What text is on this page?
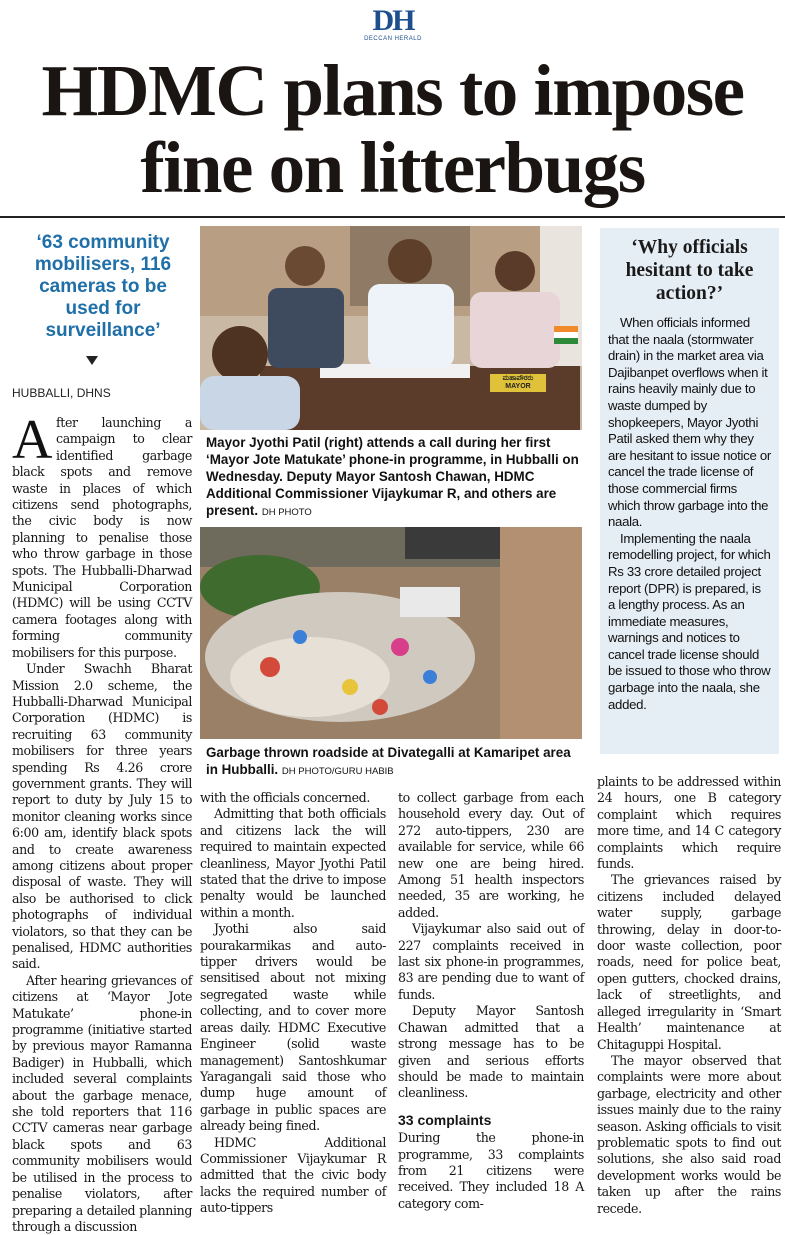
DH
DECCAN HERALD
HDMC plans to impose
fine on litterbugs
‘63 community mobilisers, 116 cameras to be used for surveillance’
HUBBALLI, DHNS

After launching a campaign to clear identified garbage black spots and remove waste in places of which citizens send photographs, the civic body is now planning to penalise those who throw garbage in those spots. The Hubballi-Dharwad Municipal Corporation (HDMC) will be using CCTV camera footages along with forming community mobilisers for this purpose.

Under Swachh Bharat Mission 2.0 scheme, the Hubballi-Dharwad Municipal Corporation (HDMC) is recruiting 63 community mobilisers for three years spending Rs 4.26 crore government grants. They will report to duty by July 15 to monitor cleaning works since 6:00 am, identify black spots and to create awareness among citizens about proper disposal of waste. They will also be authorised to click photographs of individual violators, so that they can be penalised, HDMC authorities said.

After hearing grievances of citizens at ‘Mayor Jote Matukate’ phone-in programme (initiative started by previous mayor Ramanna Badiger) in Hubballi, which included several complaints about the garbage menace, she told reporters that 116 CCTV cameras near garbage black spots and 63 community mobilisers would be utilised in the process to penalise violators, after preparing a detailed planning through a discussion

ಮಹಾಪೌರರು MAYOR
Mayor Jyothi Patil (right) attends a call during her first ‘Mayor Jote Matukate’ phone-in programme, in Hubballi on Wednesday. Deputy Mayor Santosh Chawan, HDMC Additional Commissioner Vijaykumar R, and others are present. DH PHOTO
Garbage thrown roadside at Divategalli at Kamaripet area in Hubballi. DH PHOTO/GURU HABIB

with the officials concerned.

Admitting that both officials and citizens lack the will required to maintain expected cleanliness, Mayor Jyothi Patil stated that the drive to impose penalty would be launched within a month.

Jyothi also said pourakarmikas and auto-tipper drivers would be sensitised about not mixing segregated waste while collecting, and to cover more areas daily. HDMC Executive Engineer (solid waste management) Santoshkumar Yaragangali said those who dump huge amount of garbage in public spaces are already being fined.

HDMC Additional Commissioner Vijaykumar R admitted that the civic body lacks the required number of auto-tippers

to collect garbage from each household every day. Out of 272 auto-tippers, 230 are available for service, while 66 new one are being hired. Among 51 health inspectors needed, 35 are working, he added.

Vijaykumar also said out of 227 complaints received in last six phone-in programmes, 83 are pending due to want of funds.

Deputy Mayor Santosh Chawan admitted that a strong message has to be given and serious efforts should be made to maintain cleanliness.

33 complaints

During the phone-in programme, 33 complaints from 21 citizens were received. They included 18 A category com-

‘Why officials hesitant to take action?’

When officials informed that the naala (stormwater drain) in the market area via Dajibanpet overflows when it rains heavily mainly due to waste dumped by shopkeepers, Mayor Jyothi Patil asked them why they are hesitant to issue notice or cancel the trade license of those commercial firms which throw garbage into the naala.

Implementing the naala remodelling project, for which Rs 33 crore detailed project report (DPR) is prepared, is a lengthy process. As an immediate measures, warnings and notices to cancel trade license should be issued to those who throw garbage into the naala, she added.

plaints to be addressed within 24 hours, one B category complaint which requires more time, and 14 C category complaints which require funds.

The grievances raised by citizens included delayed water supply, garbage throwing, delay in door-to-door waste collection, poor roads, need for police beat, open gutters, chocked drains, lack of streetlights, and alleged irregularity in ‘Smart Health’ maintenance at Chitaguppi Hospital.

The mayor observed that complaints were more about garbage, electricity and other issues mainly due to the rainy season. Asking officials to visit problematic spots to find out solutions, she also said road development works would be taken up after the rains recede.
